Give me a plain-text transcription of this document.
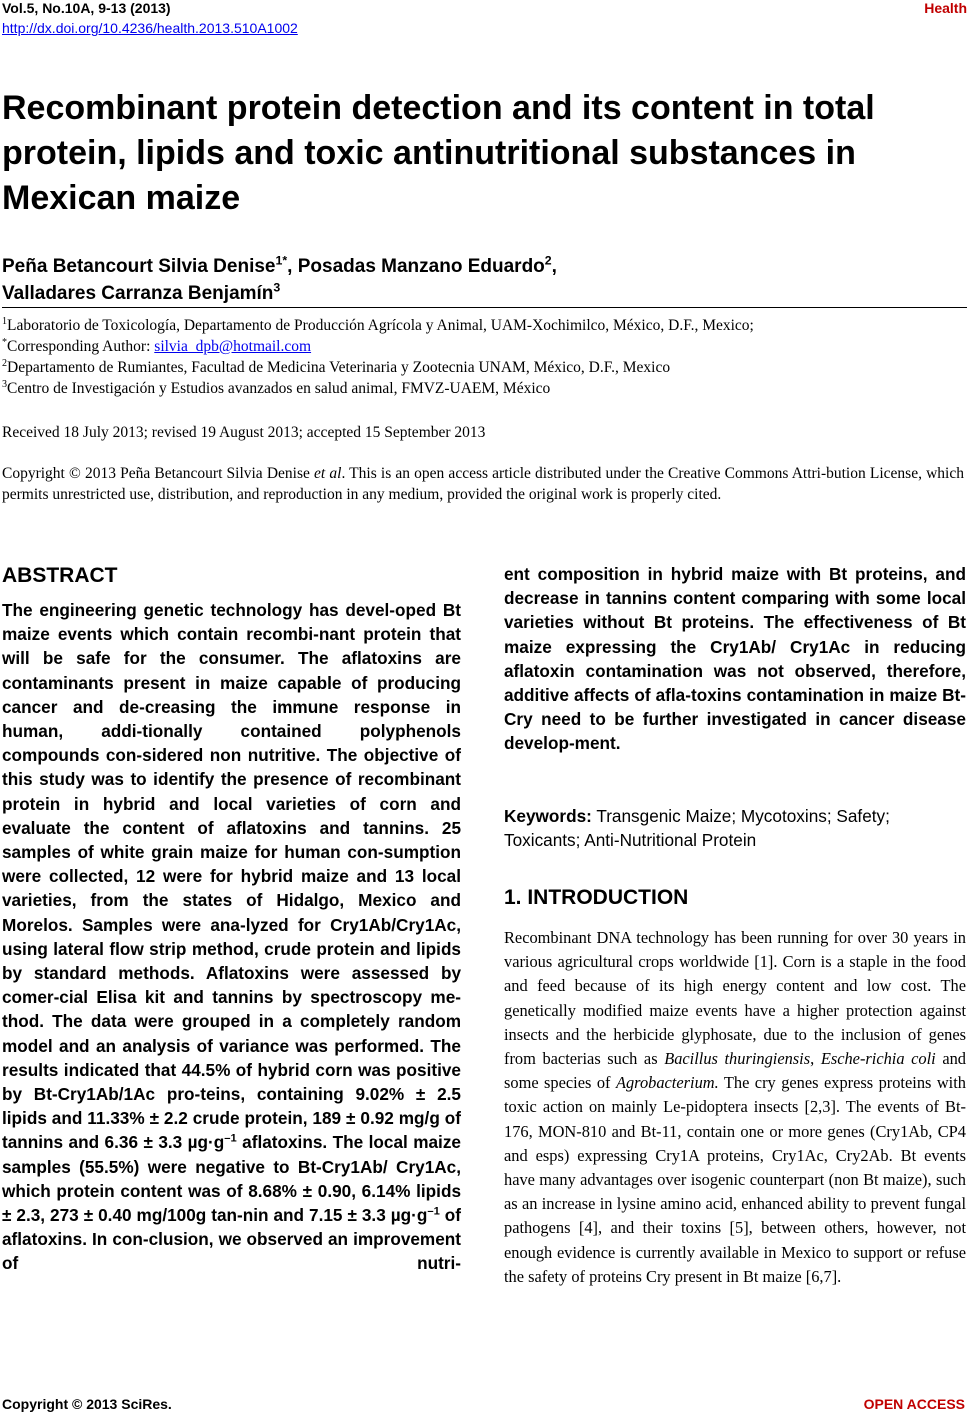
Vol.5, No.10A, 9-13 (2013)
http://dx.doi.org/10.4236/health.2013.510A1002
Health
Recombinant protein detection and its content in total protein, lipids and toxic antinutritional substances in Mexican maize
Peña Betancourt Silvia Denise$^{1*}$, Posadas Manzano Eduardo$^2$,
Valladares Carranza Benjamín$^3$
$^1$Laboratorio de Toxicología, Departamento de Producción Agrícola y Animal, UAM-Xochimilco, México, D.F., Mexico;
*Corresponding Author: silvia_dpb@hotmail.com
$^2$Departamento de Rumiantes, Facultad de Medicina Veterinaria y Zootecnia UNAM, México, D.F., Mexico
$^3$Centro de Investigación y Estudios avanzados en salud animal, FMVZ-UAEM, México
Received 18 July 2013; revised 19 August 2013; accepted 15 September 2013
Copyright © 2013 Peña Betancourt Silvia Denise et al. This is an open access article distributed under the Creative Commons Attri-bution License, which permits unrestricted use, distribution, and reproduction in any medium, provided the original work is properly cited.
ABSTRACT
The engineering genetic technology has devel-oped Bt maize events which contain recombi-nant protein that will be safe for the consumer. The aflatoxins are contaminants present in maize capable of producing cancer and de-creasing the immune response in human, addi-tionally contained polyphenols compounds con-sidered non nutritive. The objective of this study was to identify the presence of recombinant protein in hybrid and local varieties of corn and evaluate the content of aflatoxins and tannins. 25 samples of white grain maize for human con-sumption were collected, 12 were for hybrid maize and 13 local varieties, from the states of Hidalgo, Mexico and Morelos. Samples were ana-lyzed for Cry1Ab/Cry1Ac, using lateral flow strip method, crude protein and lipids by standard methods. Aflatoxins were assessed by comer-cial Elisa kit and tannins by spectroscopy me-thod. The data were grouped in a completely random model and an analysis of variance was performed. The results indicated that 44.5% of hybrid corn was positive by Bt-Cry1Ab/1Ac pro-teins, containing 9.02% ± 2.5 lipids and 11.33% ± 2.2 crude protein, 189 ± 0.92 mg/g of tannins and 6.36 ± 3.3 $\mu g\cdot g^{-1}$ aflatoxins. The local maize samples (55.5%) were negative to Bt-Cry1Ab/ Cry1Ac, which protein content was of 8.68% ± 0.90, 6.14% lipids ± 2.3, 273 ± 0.40 mg/100g tan-nin and 7.15 ± 3.3 $\mu g\cdot g^{-1}$ of aflatoxins. In con-clusion, we observed an improvement of nutri-
ent composition in hybrid maize with Bt proteins, and decrease in tannins content comparing with some local varieties without Bt proteins. The effectiveness of Bt maize expressing the Cry1Ab/ Cry1Ac in reducing aflatoxin contamination was not observed, therefore, additive affects of afla-toxins contamination in maize Bt-Cry need to be further investigated in cancer disease develop-ment.
Keywords: Transgenic Maize; Mycotoxins; Safety; Toxicants; Anti-Nutritional Protein
1. INTRODUCTION
Recombinant DNA technology has been running for over 30 years in various agricultural crops worldwide [1]. Corn is a staple in the food and feed because of its high energy content and low cost. The genetically modified maize events have a higher protection against insects and the herbicide glyphosate, due to the inclusion of genes from bacterias such as Bacillus thuringiensis, Esche-richia coli and some species of Agrobacterium. The cry genes express proteins with toxic action on mainly Le-pidoptera insects [2,3]. The events of Bt-176, MON-810 and Bt-11, contain one or more genes (Cry1Ab, CP4 and esps) expressing Cry1A proteins, Cry1Ac, Cry2Ab. Bt events have many advantages over isogenic counterpart (non Bt maize), such as an increase in lysine amino acid, enhanced ability to prevent fungal pathogens [4], and their toxins [5], between others, however, not enough evidence is currently available in Mexico to support or refuse the safety of proteins Cry present in Bt maize [6,7].
Copyright © 2013 SciRes.	OPEN ACCESS
